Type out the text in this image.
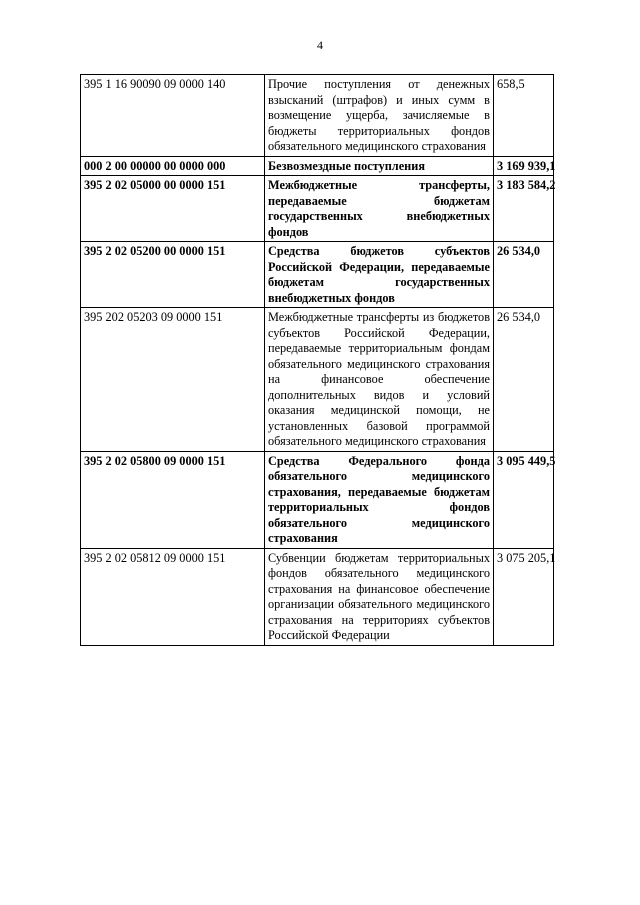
4
395 1 16 90090 09 0000 140	Прочие поступления от денежных взысканий (штрафов) и иных сумм в возмещение ущерба, зачисляемые в бюджеты территориальных фондов обязательного медицинского страхования	658,5
000 2 00 00000 00 0000 000	Безвозмездные поступления	3 169 939,1
395 2 02 05000 00 0000 151	Межбюджетные трансферты, передаваемые бюджетам государственных внебюджетных фондов	3 183 584,2
395 2 02 05200 00 0000 151	Средства бюджетов субъектов Российской Федерации, передаваемые бюджетам государственных внебюджетных фондов	26 534,0
395 202 05203 09 0000 151	Межбюджетные трансферты из бюджетов субъектов Российской Федерации, передаваемые территориальным фондам обязательного медицинского страхования на финансовое обеспечение дополнительных видов и условий оказания медицинской помощи, не установленных базовой программой обязательного медицинского страхования	26 534,0
395 2 02 05800 09 0000 151	Средства Федерального фонда обязательного медицинского страхования, передаваемые бюджетам территориальных фондов обязательного медицинского страхования	3 095 449,5
395 2 02 05812 09 0000 151	Субвенции бюджетам территориальных фондов обязательного медицинского страхования на финансовое обеспечение организации обязательного медицинского страхования на территориях субъектов Российской Федерации	3 075 205,1
